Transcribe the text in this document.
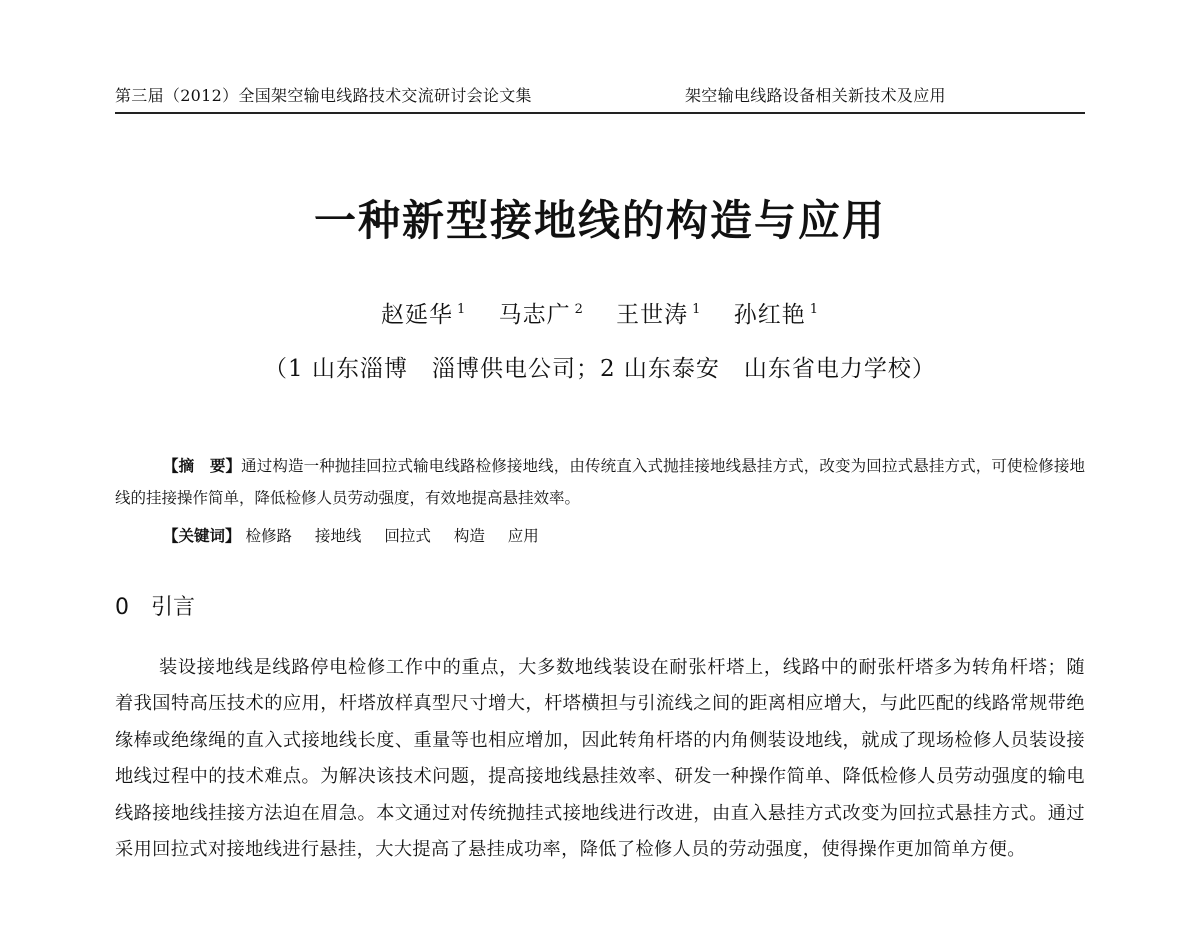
第三届（2012）全国架空输电线路技术交流研讨会论文集	架空输电线路设备相关新技术及应用
一种新型接地线的构造与应用
赵延华 $^1$ 马志广 $^2$ 王世涛 $^1$ 孙红艳 $^1$
（1 山东淄博　淄博供电公司；2 山东泰安　山东省电力学校）
【摘　要】通过构造一种抛挂回拉式输电线路检修接地线，由传统直入式抛挂接地线悬挂方式，改变为回拉式悬挂方式，可使检修接地线的挂接操作简单，降低检修人员劳动强度，有效地提高悬挂效率。
【关键词】 检修路 接地线 回拉式 构造 应用
0 引言
装设接地线是线路停电检修工作中的重点，大多数地线装设在耐张杆塔上，线路中的耐张杆塔多为转角杆塔；随着我国特高压技术的应用，杆塔放样真型尺寸增大，杆塔横担与引流线之间的距离相应增大，与此匹配的线路常规带绝缘棒或绝缘绳的直入式接地线长度、重量等也相应增加，因此转角杆塔的内角侧装设地线，就成了现场检修人员装设接地线过程中的技术难点。为解决该技术问题，提高接地线悬挂效率、研发一种操作简单、降低检修人员劳动强度的输电线路接地线挂接方法迫在眉急。本文通过对传统抛挂式接地线进行改进，由直入悬挂方式改变为回拉式悬挂方式。通过采用回拉式对接地线进行悬挂，大大提高了悬挂成功率，降低了检修人员的劳动强度，使得操作更加简单方便。
